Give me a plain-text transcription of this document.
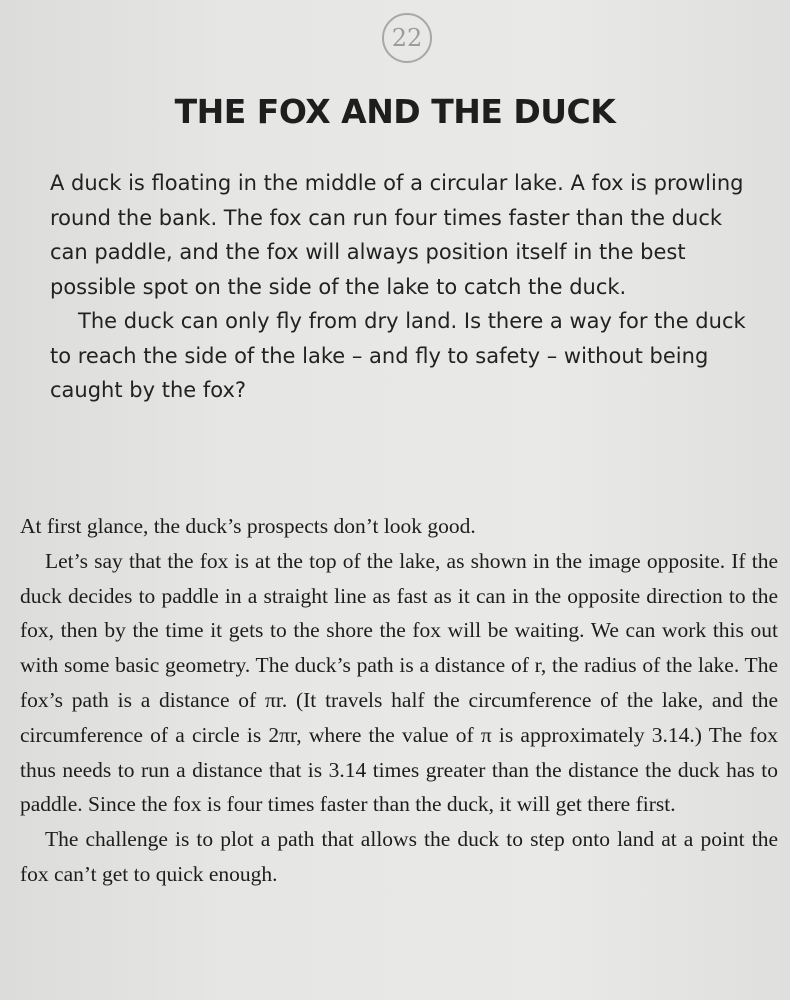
22
THE FOX AND THE DUCK

A duck is floating in the middle of a circular lake. A fox is prowling round the bank. The fox can run four times faster than the duck can paddle, and the fox will always position itself in the best possible spot on the side of the lake to catch the duck.

The duck can only fly from dry land. Is there a way for the duck to reach the side of the lake – and fly to safety – without being caught by the fox?

At first glance, the duck’s prospects don’t look good.

Let’s say that the fox is at the top of the lake, as shown in the image opposite. If the duck decides to paddle in a straight line as fast as it can in the opposite direction to the fox, then by the time it gets to the shore the fox will be waiting. We can work this out with some basic geometry. The duck’s path is a distance of r, the radius of the lake. The fox’s path is a distance of πr. (It travels half the circumference of the lake, and the circumference of a circle is 2πr, where the value of π is approximately 3.14.) The fox thus needs to run a distance that is 3.14 times greater than the distance the duck has to paddle. Since the fox is four times faster than the duck, it will get there first.

The challenge is to plot a path that allows the duck to step onto land at a point the fox can’t get to quick enough.
